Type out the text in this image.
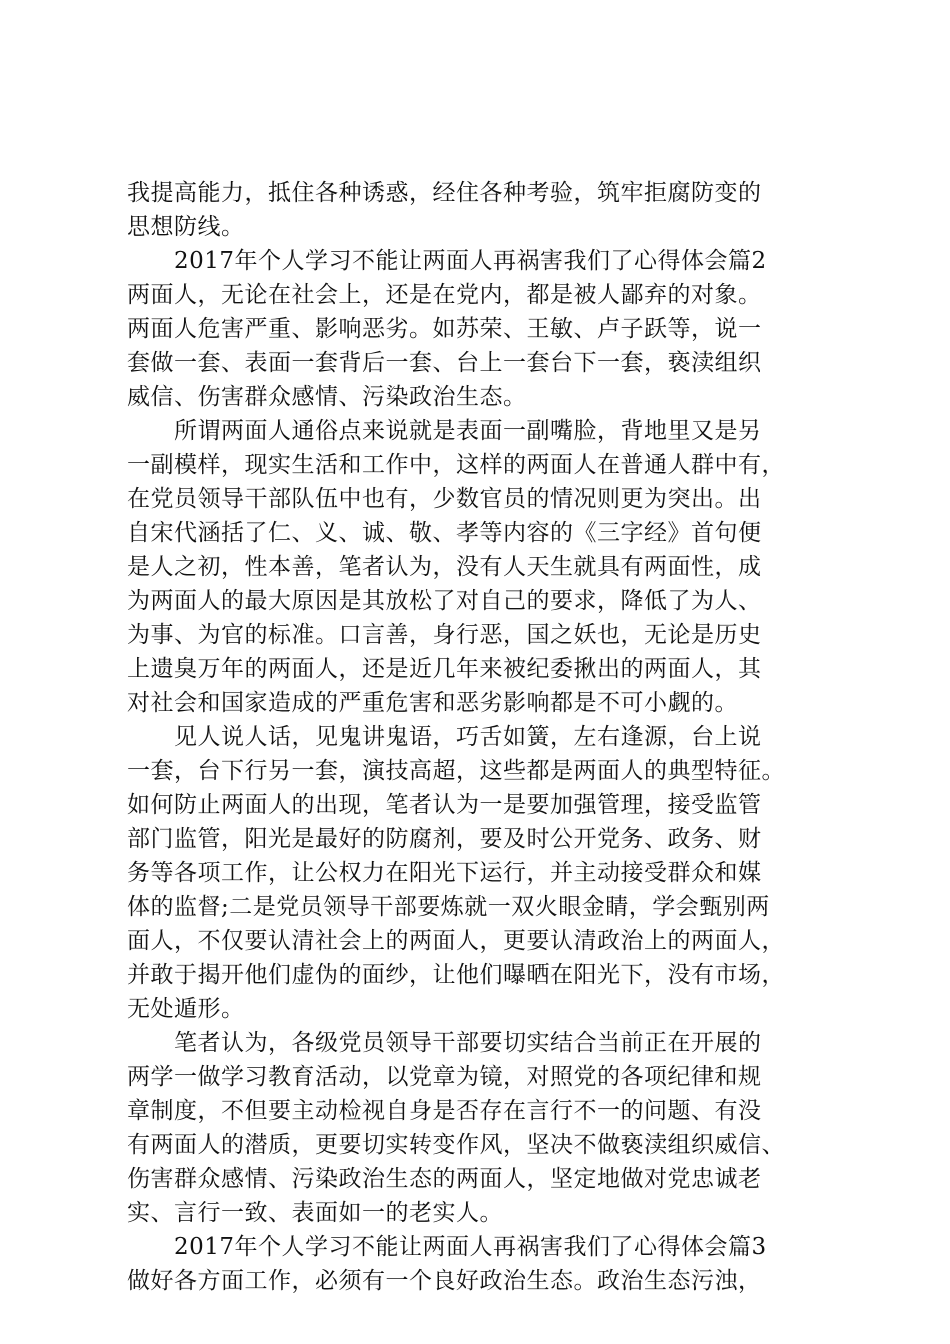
我提高能力，抵住各种诱惑，经住各种考验，筑牢拒腐防变的
思想防线。
　　2017年个人学习不能让两面人再祸害我们了心得体会篇2
两面人，无论在社会上，还是在党内，都是被人鄙弃的对象。
两面人危害严重、影响恶劣。如苏荣、王敏、卢子跃等，说一
套做一套、表面一套背后一套、台上一套台下一套，亵渎组织
威信、伤害群众感情、污染政治生态。
　　所谓两面人通俗点来说就是表面一副嘴脸，背地里又是另
一副模样，现实生活和工作中，这样的两面人在普通人群中有，
在党员领导干部队伍中也有，少数官员的情况则更为突出。出
自宋代涵括了仁、义、诚、敬、孝等内容的《三字经》首句便
是人之初，性本善，笔者认为，没有人天生就具有两面性，成
为两面人的最大原因是其放松了对自己的要求，降低了为人、
为事、为官的标准。口言善，身行恶，国之妖也，无论是历史
上遗臭万年的两面人，还是近几年来被纪委揪出的两面人，其
对社会和国家造成的严重危害和恶劣影响都是不可小觑的。
　　见人说人话，见鬼讲鬼语，巧舌如簧，左右逢源，台上说
一套，台下行另一套，演技高超，这些都是两面人的典型特征。
如何防止两面人的出现，笔者认为一是要加强管理，接受监管
部门监管，阳光是最好的防腐剂，要及时公开党务、政务、财
务等各项工作，让公权力在阳光下运行，并主动接受群众和媒
体的监督;二是党员领导干部要炼就一双火眼金睛，学会甄别两
面人，不仅要认清社会上的两面人，更要认清政治上的两面人，
并敢于揭开他们虚伪的面纱，让他们曝晒在阳光下，没有市场，
无处遁形。
　　笔者认为，各级党员领导干部要切实结合当前正在开展的
两学一做学习教育活动，以党章为镜，对照党的各项纪律和规
章制度，不但要主动检视自身是否存在言行不一的问题、有没
有两面人的潜质，更要切实转变作风，坚决不做亵渎组织威信、
伤害群众感情、污染政治生态的两面人，坚定地做对党忠诚老
实、言行一致、表面如一的老实人。
　　2017年个人学习不能让两面人再祸害我们了心得体会篇3
做好各方面工作，必须有一个良好政治生态。政治生态污浊，
